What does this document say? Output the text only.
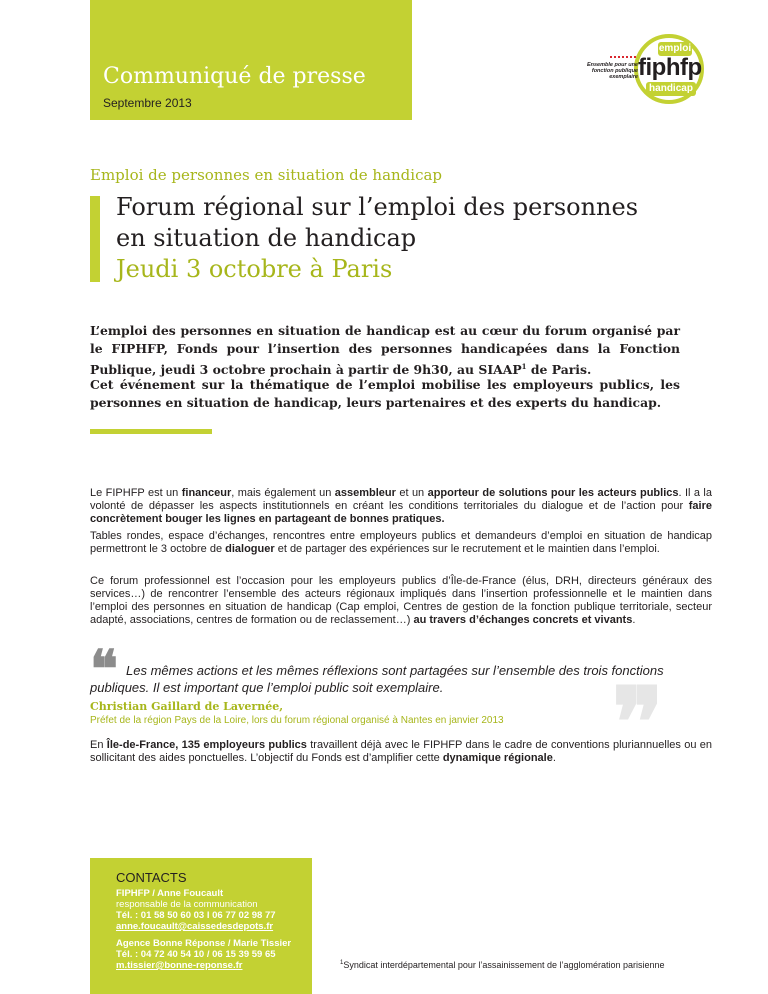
Communiqué de presse
Septembre 2013
emploi
fiphfp
handicap
Ensemble pour une fonction publique exemplaire
Emploi de personnes en situation de handicap
Forum régional sur l’emploi des personnes
en situation de handicap
Jeudi 3 octobre à Paris

L’emploi des personnes en situation de handicap est au cœur du forum organisé par le FIPHFP, Fonds pour l’insertion des personnes handicapées dans la Fonction Publique, jeudi 3 octobre prochain à partir de 9h30, au SIAAP$^1$ de Paris.

Cet événement sur la thématique de l’emploi mobilise les employeurs publics, les personnes en situation de handicap, leurs partenaires et des experts du handicap.

Le FIPHFP est un financeur, mais également un assembleur et un apporteur de solutions pour les acteurs publics. Il a la volonté de dépasser les aspects institutionnels en créant les conditions territoriales du dialogue et de l’action pour faire concrètement bouger les lignes en partageant de bonnes pratiques.

Tables rondes, espace d’échanges, rencontres entre employeurs publics et demandeurs d’emploi en situation de handicap permettront le 3 octobre de dialoguer et de partager des expériences sur le recrutement et le maintien dans l’emploi.

Ce forum professionnel est l’occasion pour les employeurs publics d’Île-de-France (élus, DRH, directeurs généraux des services…) de rencontrer l’ensemble des acteurs régionaux impliqués dans l’insertion professionnelle et le maintien dans l’emploi des personnes en situation de handicap (Cap emploi, Centres de gestion de la fonction publique territoriale, secteur adapté, associations, centres de formation ou de reclassement…) au travers d’échanges concrets et vivants.

❞
❝ Les mêmes actions et les mêmes réflexions sont partagées sur l’ensemble des trois fonctions publiques. Il est important que l’emploi public soit exemplaire.

Christian Gaillard de Lavernée,
Préfet de la région Pays de la Loire, lors du forum régional organisé à Nantes en janvier 2013

En Île-de-France, 135 employeurs publics travaillent déjà avec le FIPHFP dans le cadre de conventions pluriannuelles ou en sollicitant des aides ponctuelles. L’objectif du Fonds est d’amplifier cette dynamique régionale.

CONTACTS
FIPHFP / Anne Foucault
responsable de la communication
Tél. : 01 58 50 60 03 I 06 77 02 98 77
anne.foucault@caissedesdepots.fr
Agence Bonne Réponse / Marie Tissier
Tél. : 04 72 40 54 10 / 06 15 39 59 65
m.tissier@bonne-reponse.fr	$^1$Syndicat interdépartemental pour l’assainissement de l’agglomération parisienne
